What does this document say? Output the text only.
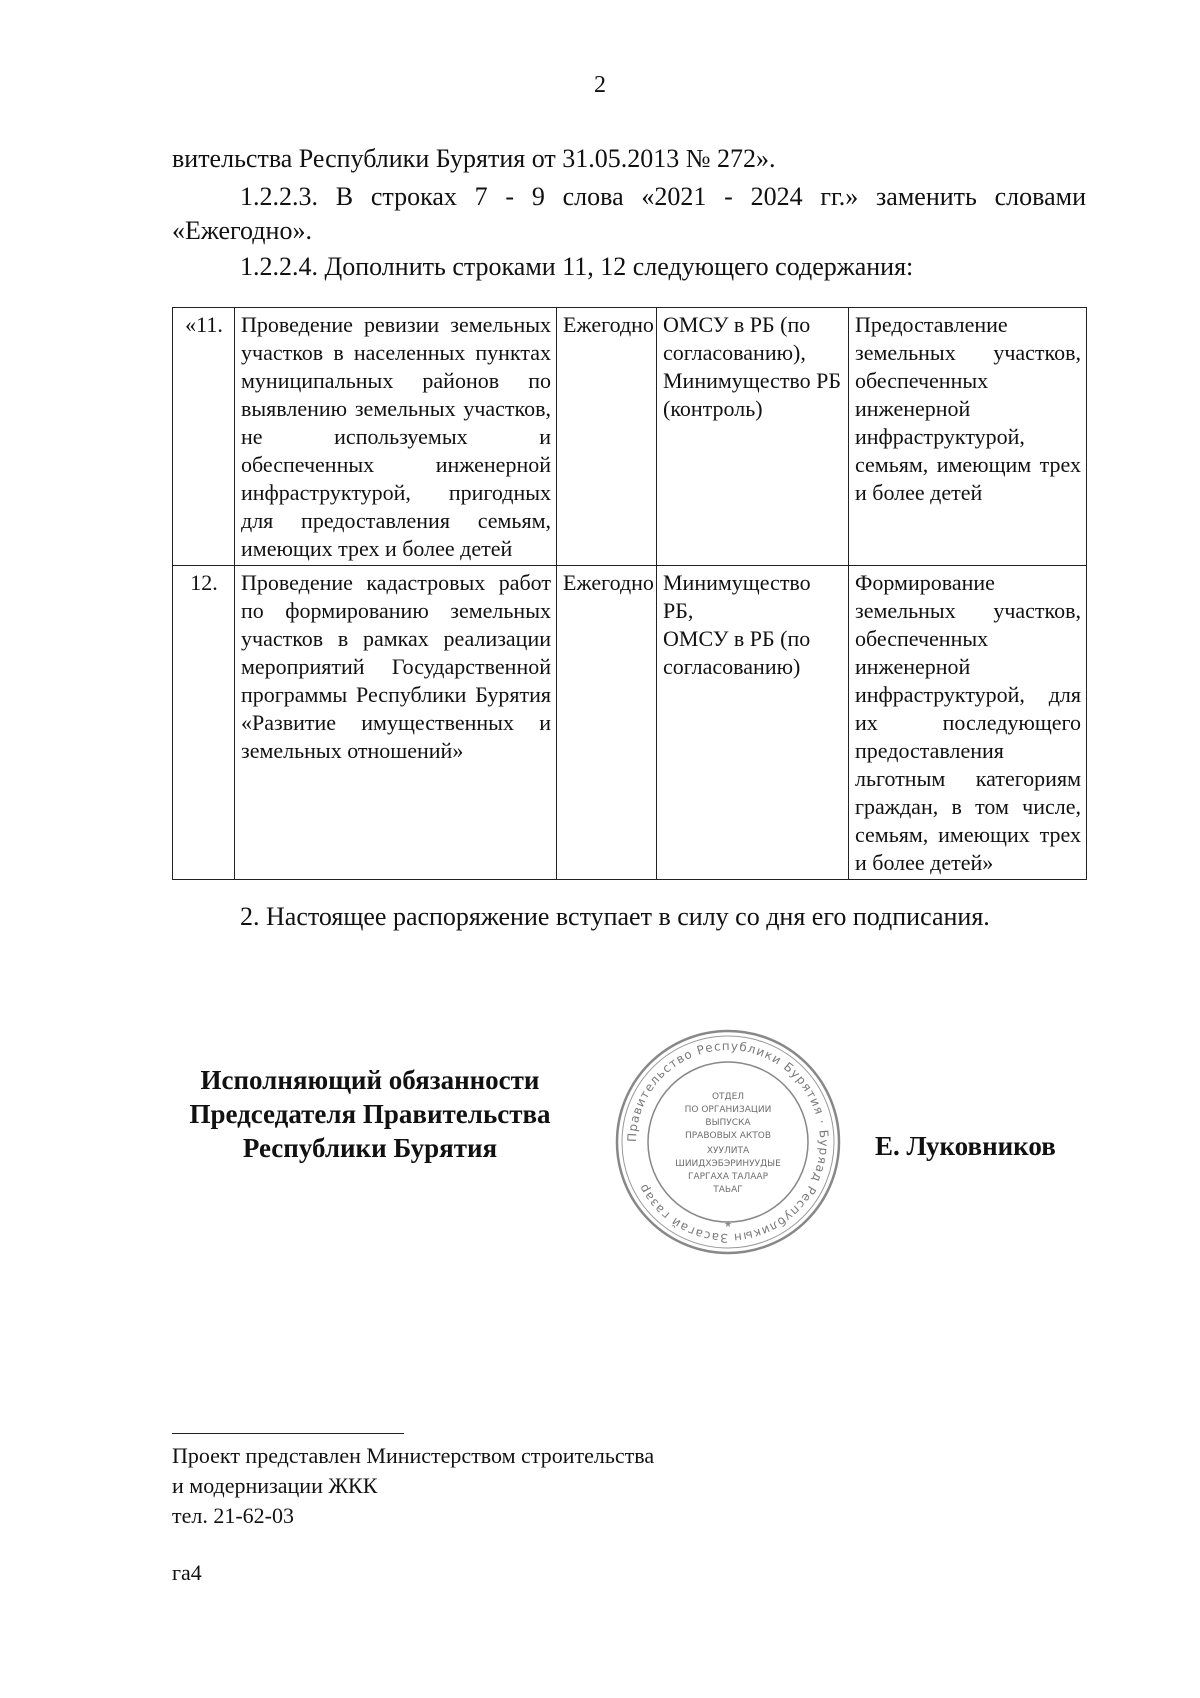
2
вительства Республики Бурятия от 31.05.2013 № 272».
1.2.2.3. В строках 7 - 9 слова «2021 - 2024 гг.» заменить словами
«Ежегодно».
1.2.2.4. Дополнить строками 11, 12 следующего содержания:
«11.	Проведение ревизии земельных участков в населенных пунктах муниципальных районов по выявлению земельных участков, не используемых и обеспеченных инженерной инфраструктурой, пригодных для предоставления семьям, имеющих трех и более детей	Ежегодно	ОМСУ в РБ (по согласованию),
Минимущество РБ (контроль)	Предоставление земельных участков, обеспеченных инженерной инфраструктурой, семьям, имеющим трех и более детей
12.	Проведение кадастровых работ по формированию земельных участков в рамках реализации мероприятий Государственной программы Республики Бурятия «Развитие имущественных и земельных отношений»	Ежегодно	Минимущество РБ,
ОМСУ в РБ (по согласованию)	Формирование земельных участков, обеспеченных инженерной инфраструктурой, для их последующего предоставления льготным категориям граждан, в том числе, семьям, имеющих трех и более детей»
2. Настоящее распоряжение вступает в силу со дня его подписания.
Исполняющий обязанности
Председателя Правительства
Республики Бурятия	Правительство Республики Бурятия · Буряад Республикын Засагай газар
ОТДЕЛ
ПО ОРГАНИЗАЦИИ
ВЫПУСКА
ПРАВОВЫХ АКТОВ
ХУУЛИТА
ШИИДХЭБЭРИНУУДЫЕ
ГАРГАХА ТАЛААР
ТАЬАГ
★
Е. Луковников
Проект представлен Министерством строительства
и модернизации ЖКК
тел. 21-62-03
га4
